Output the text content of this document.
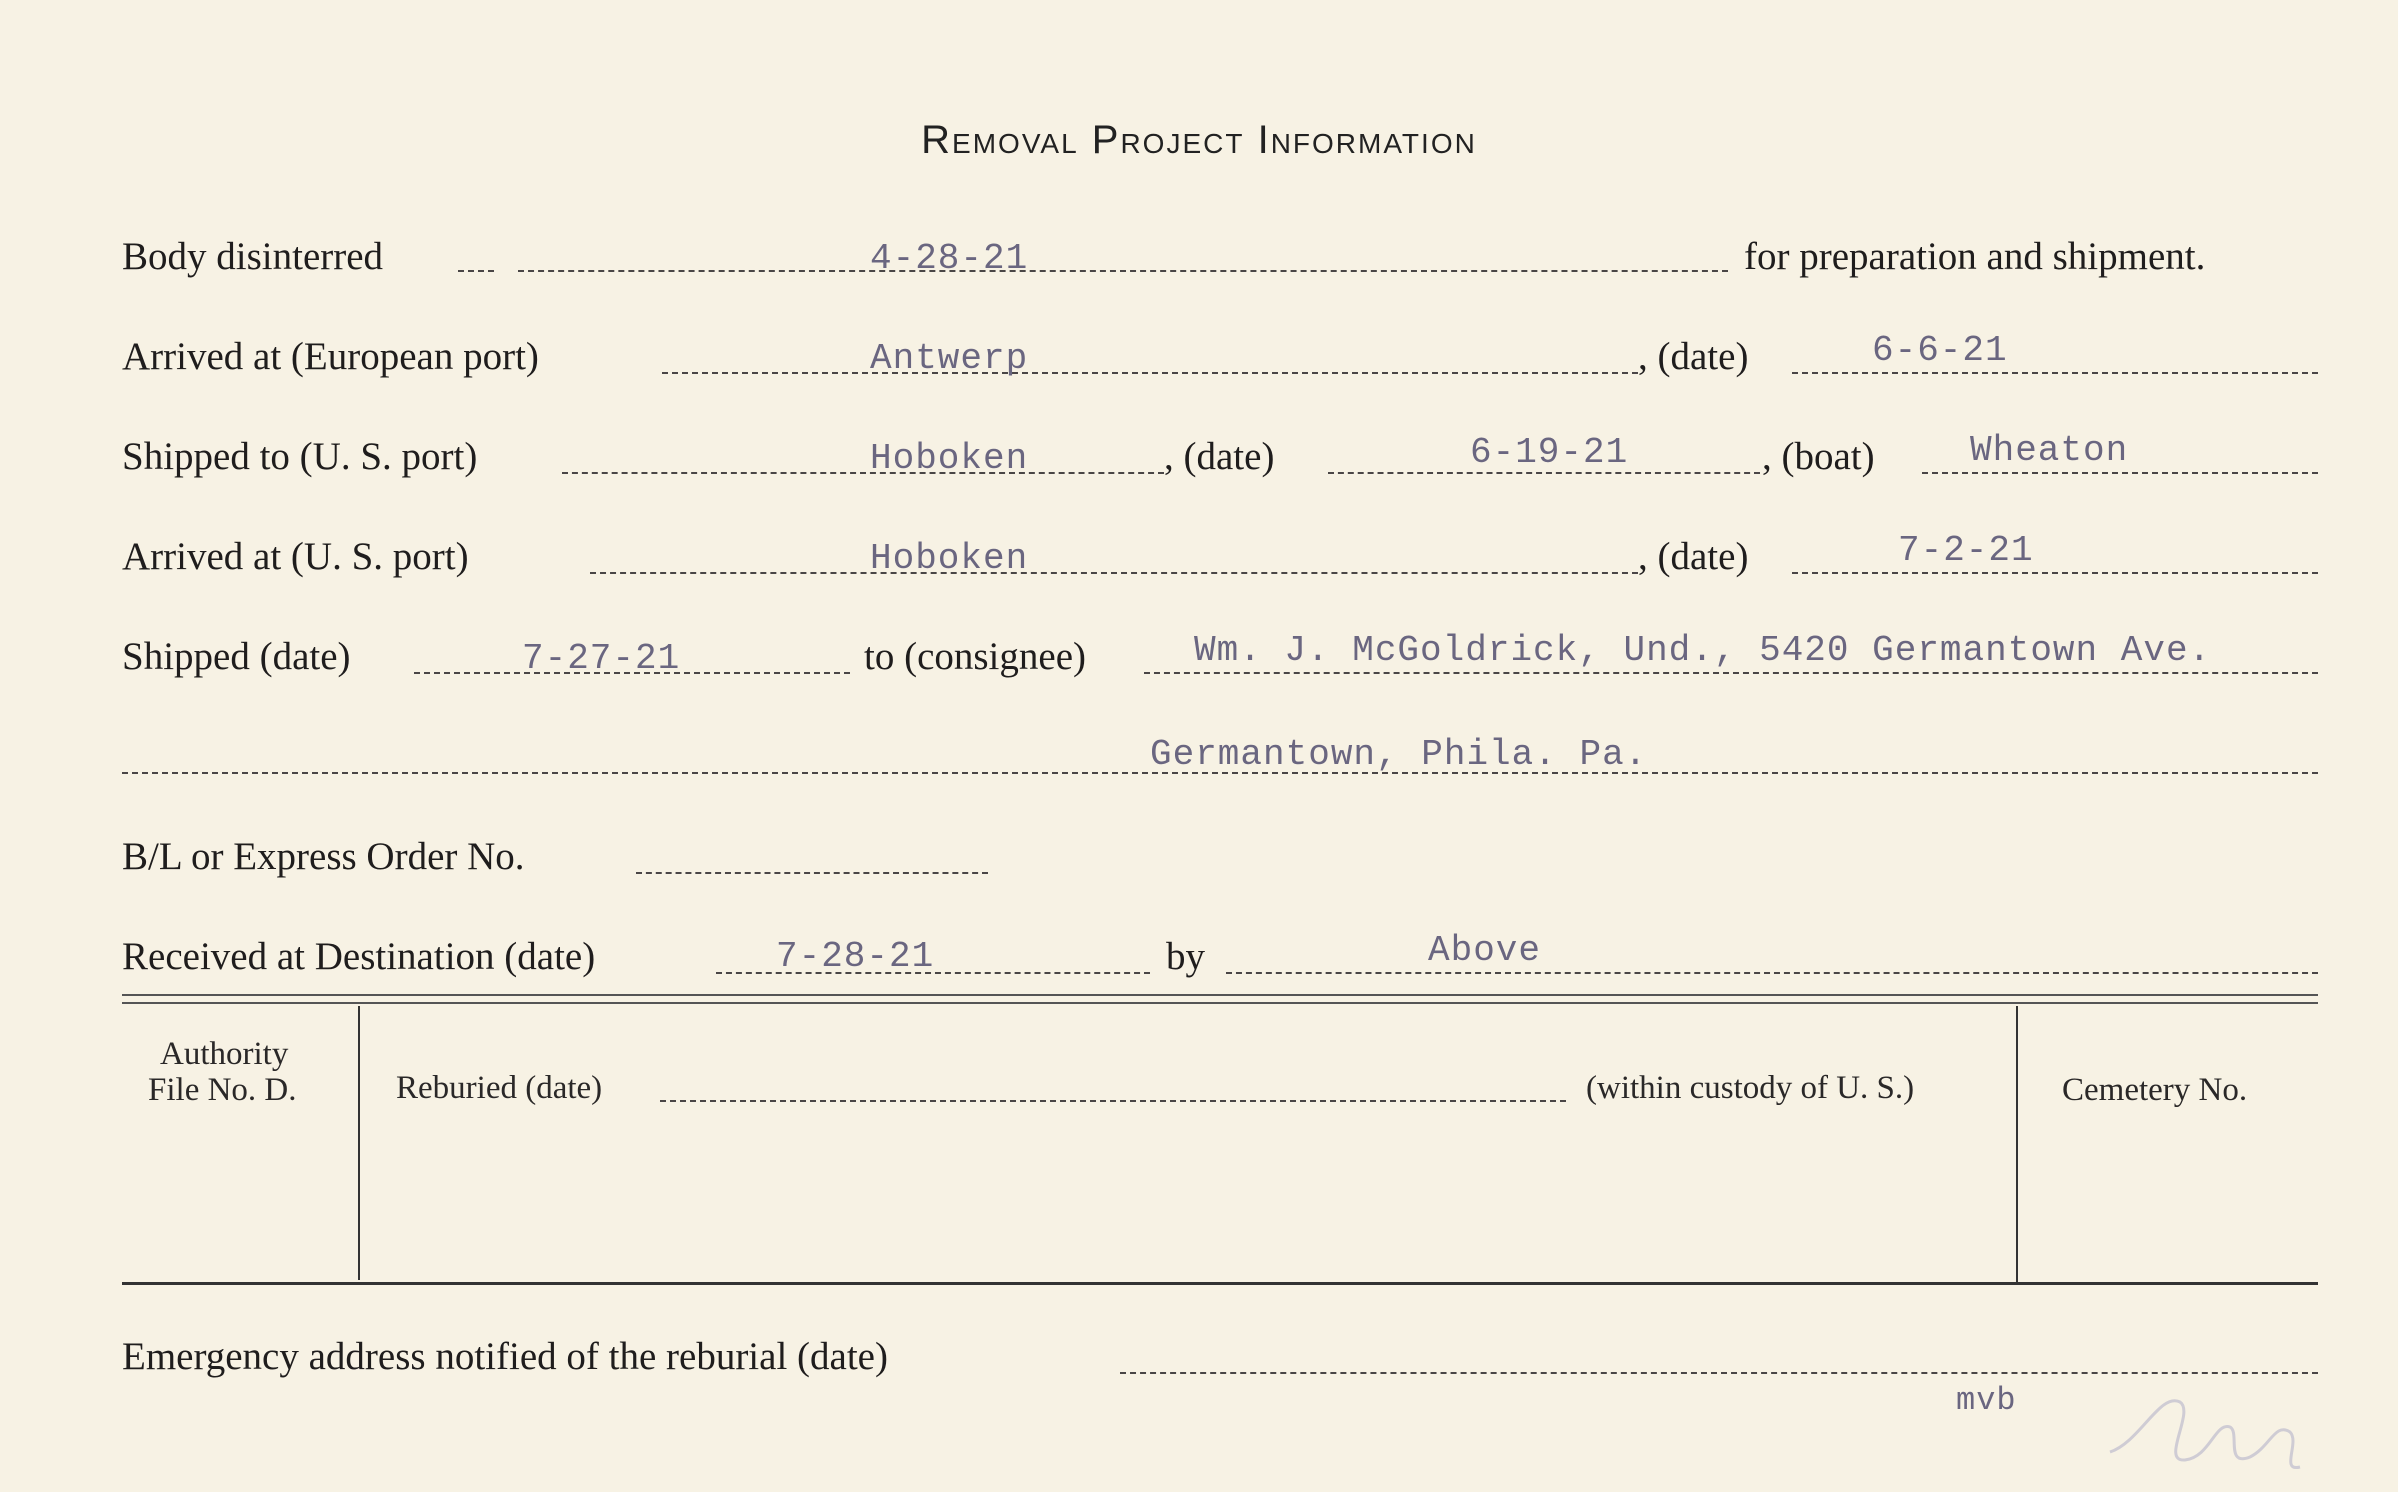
Removal Project Information
Body disinterred	4-28-21	for preparation and shipment.
Arrived at (European port)	Antwerp	, (date)	6-6-21
Shipped to (U. S. port)	Hoboken	, (date)	6-19-21	, (boat)	Wheaton
Arrived at (U. S. port)	Hoboken	, (date)	7-2-21
Shipped (date)	7-27-21	to (consignee)	Wm. J. McGoldrick, Und., 5420 Germantown Ave.
Germantown, Phila. Pa.
B/L or Express Order No.
Received at Destination (date)	7-28-21	by	Above
Authority
File No. D.	Reburied (date)	(within custody of U. S.)	Cemetery No.
Emergency address notified of the reburial (date)
mvb
